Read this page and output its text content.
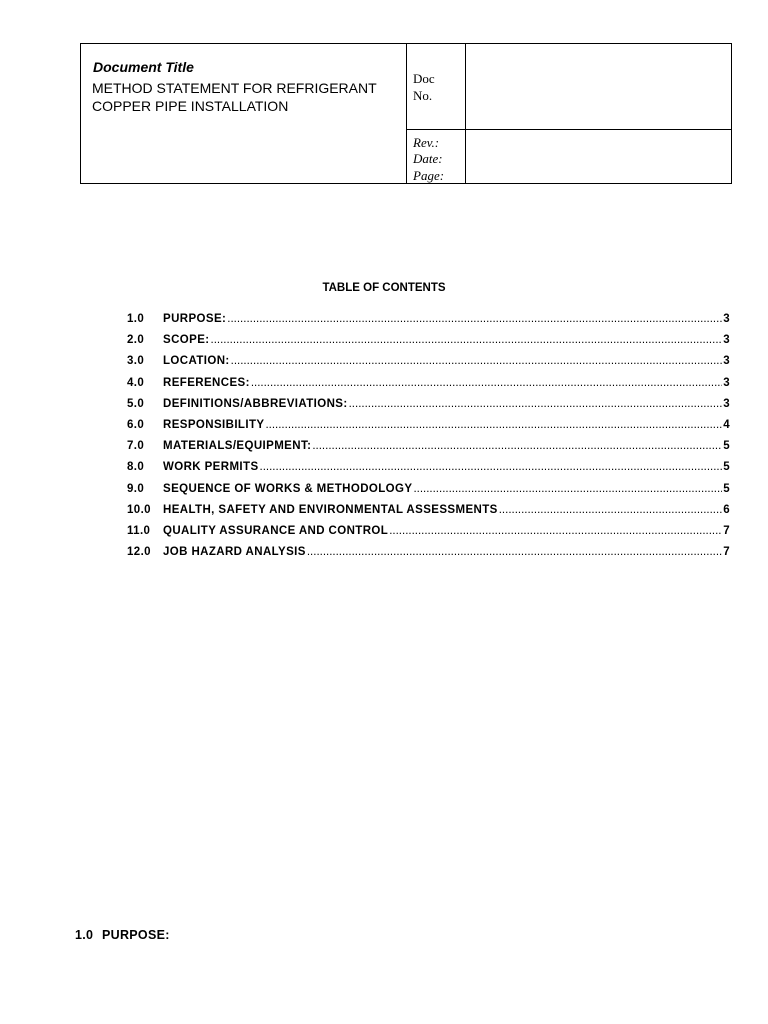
Document Title
METHOD STATEMENT FOR REFRIGERANT COPPER PIPE INSTALLATION
Doc
No.
Rev.:
Date:
Page:
TABLE OF CONTENTS
1.0	PURPOSE: .....	3
2.0	SCOPE: .....	3
3.0	LOCATION: .....	3
4.0	REFERENCES: .....	3
5.0	DEFINITIONS/ABBREVIATIONS: .....	3
6.0	RESPONSIBILITY .....	4
7.0	MATERIALS/EQUIPMENT: .....	5
8.0	WORK PERMITS .....	5
9.0	SEQUENCE OF WORKS & METHODOLOGY .....	5
10.0	HEALTH, SAFETY AND ENVIRONMENTAL ASSESSMENTS .....	6
11.0	QUALITY ASSURANCE AND CONTROL .....	7
12.0	JOB HAZARD ANALYSIS .....	7
1.0 PURPOSE:
